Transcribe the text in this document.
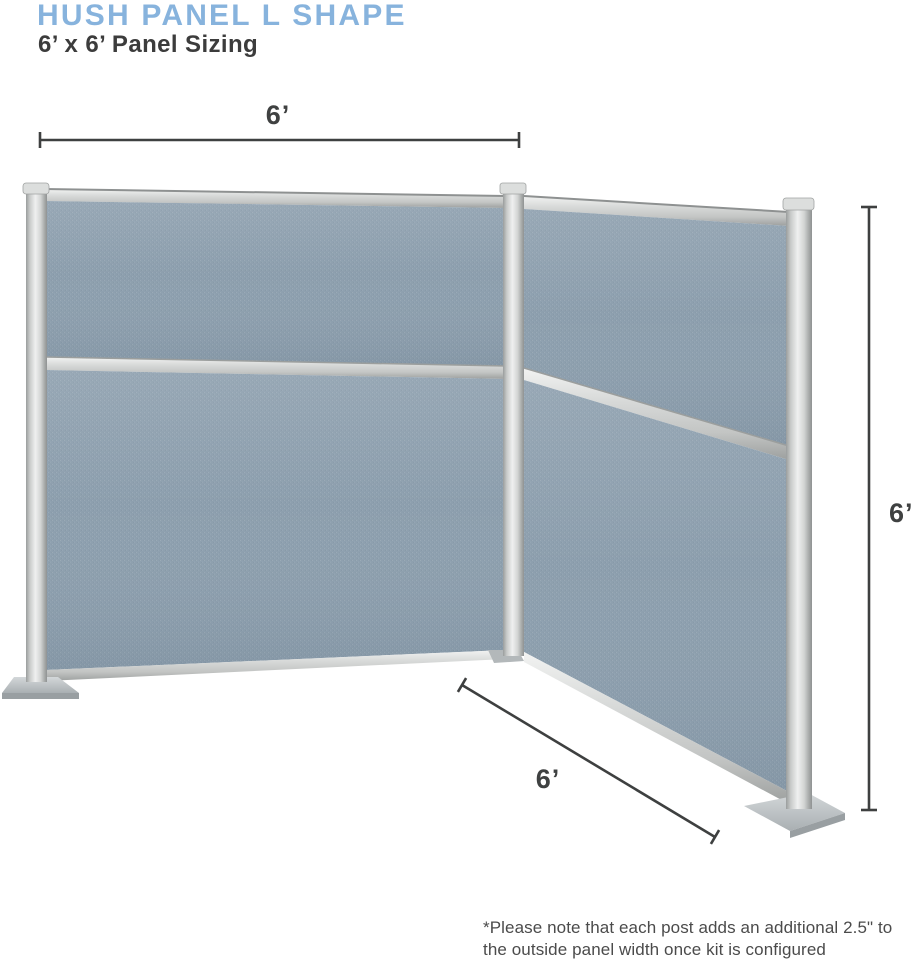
HUSH PANEL L SHAPE

6’ x 6’ Panel Sizing

6’
6’
6’
*Please note that each post adds an additional 2.5" to
the outside panel width once kit is configured
